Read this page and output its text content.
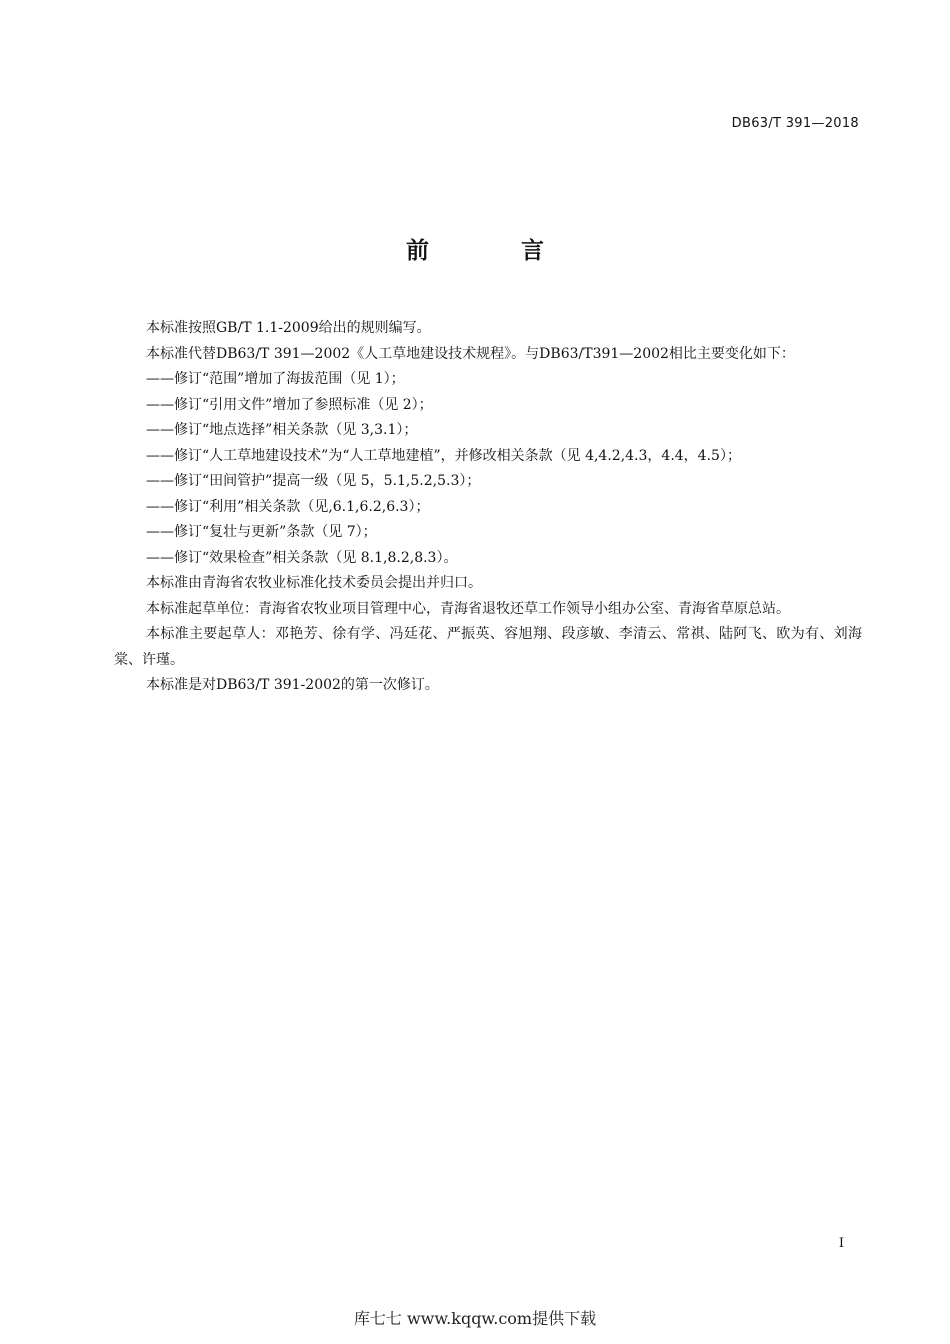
DB63/T 391—2018
前 言

本标准按照GB/T 1.1-2009给出的规则编写。

本标准代替DB63/T 391—2002《人工草地建设技术规程》。与DB63/T391—2002相比主要变化如下：

——修订“范围”增加了海拔范围（见 1）；

——修订“引用文件”增加了参照标准（见 2）；

——修订“地点选择”相关条款（见 3,3.1）；

——修订“人工草地建设技术”为“人工草地建植”，并修改相关条款（见 4,4.2,4.3，4.4，4.5）；

——修订“田间管护”提高一级（见 5，5.1,5.2,5.3）；

——修订“利用”相关条款（见,6.1,6.2,6.3）；

——修订“复壮与更新”条款（见 7）；

——修订“效果检查”相关条款（见 8.1,8.2,8.3）。

本标准由青海省农牧业标准化技术委员会提出并归口。

本标准起草单位：青海省农牧业项目管理中心，青海省退牧还草工作领导小组办公室、青海省草原总站。

本标准主要起草人：邓艳芳、徐有学、冯廷花、严振英、容旭翔、段彦敏、李清云、常祺、陆阿飞、欧为有、刘海棠、许瑾。

本标准是对DB63/T 391-2002的第一次修订。

I
库七七 www.kqqw.com提供下载
